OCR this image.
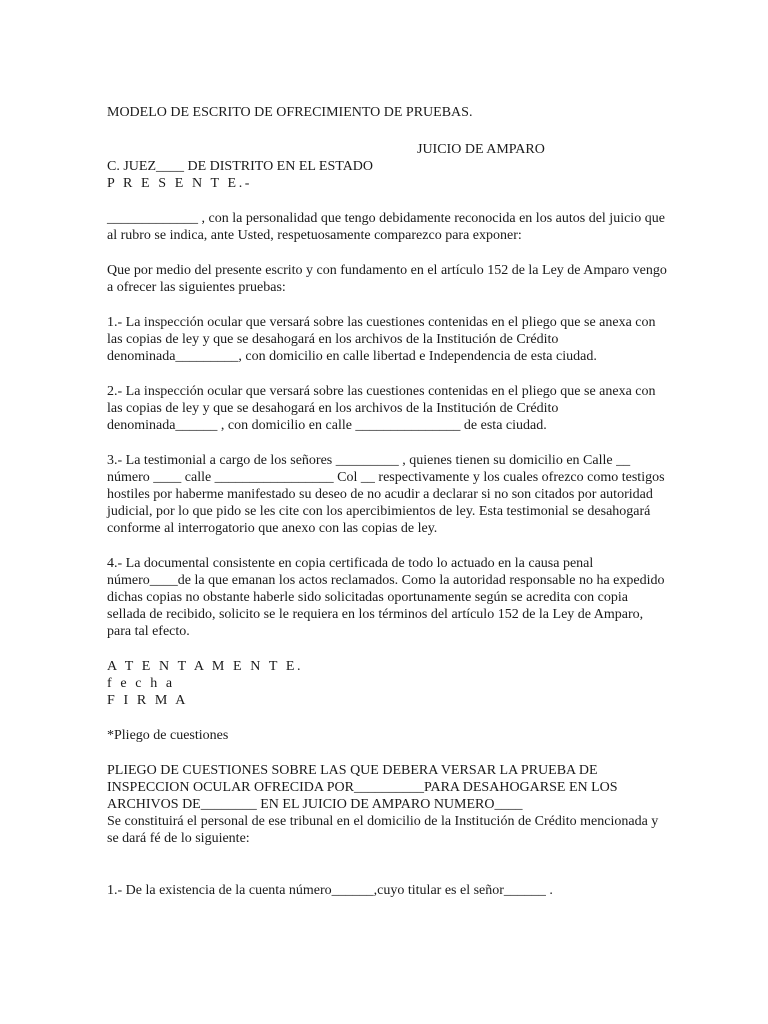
MODELO DE ESCRITO DE OFRECIMIENTO DE PRUEBAS.
JUICIO DE AMPARO
C. JUEZ____ DE DISTRITO EN EL ESTADO
P R E S E N T E.-

_____________ , con la personalidad que tengo debidamente reconocida en los autos del juicio que al rubro se indica, ante Usted, respetuosamente comparezco para exponer:

Que por medio del presente escrito y con fundamento en el artículo 152 de la Ley de Amparo vengo a ofrecer las siguientes pruebas:

1.- La inspección ocular que versará sobre las cuestiones contenidas en el pliego que se anexa con las copias de ley y que se desahogará en los archivos de la Institución de Crédito denominada_________, con domicilio en calle libertad e Independencia de esta ciudad.

2.- La inspección ocular que versará sobre las cuestiones contenidas en el pliego que se anexa con las copias de ley y que se desahogará en los archivos de la Institución de Crédito denominada______ , con domicilio en calle _______________ de esta ciudad.

3.- La testimonial a cargo de los señores _________ , quienes tienen su domicilio en Calle __ número ____ calle _________________ Col __ respectivamente y los cuales ofrezco como testigos hostiles por haberme manifestado su deseo de no acudir a declarar si no son citados por autoridad judicial, por lo que pido se les cite con los apercibimientos de ley. Esta testimonial se desahogará conforme al interrogatorio que anexo con las copias de ley.

4.- La documental consistente en copia certificada de todo lo actuado en la causa penal número____de la que emanan los actos reclamados. Como la autoridad responsable no ha expedido dichas copias no obstante haberle sido solicitadas oportunamente según se acredita con copia sellada de recibido, solicito se le requiera en los términos del artículo 152 de la Ley de Amparo, para tal efecto.

A T E N T A M E N T E.
f e c h a
F I R M A
*Pliego de cuestiones

PLIEGO DE CUESTIONES SOBRE LAS QUE DEBERA VERSAR LA PRUEBA DE INSPECCION OCULAR OFRECIDA POR__________PARA DESAHOGARSE EN LOS ARCHIVOS DE________ EN EL JUICIO DE AMPARO NUMERO____

Se constituirá el personal de ese tribunal en el domicilio de la Institución de Crédito mencionada y se dará fé de lo siguiente:

1.- De la existencia de la cuenta número______,cuyo titular es el señor______ .
